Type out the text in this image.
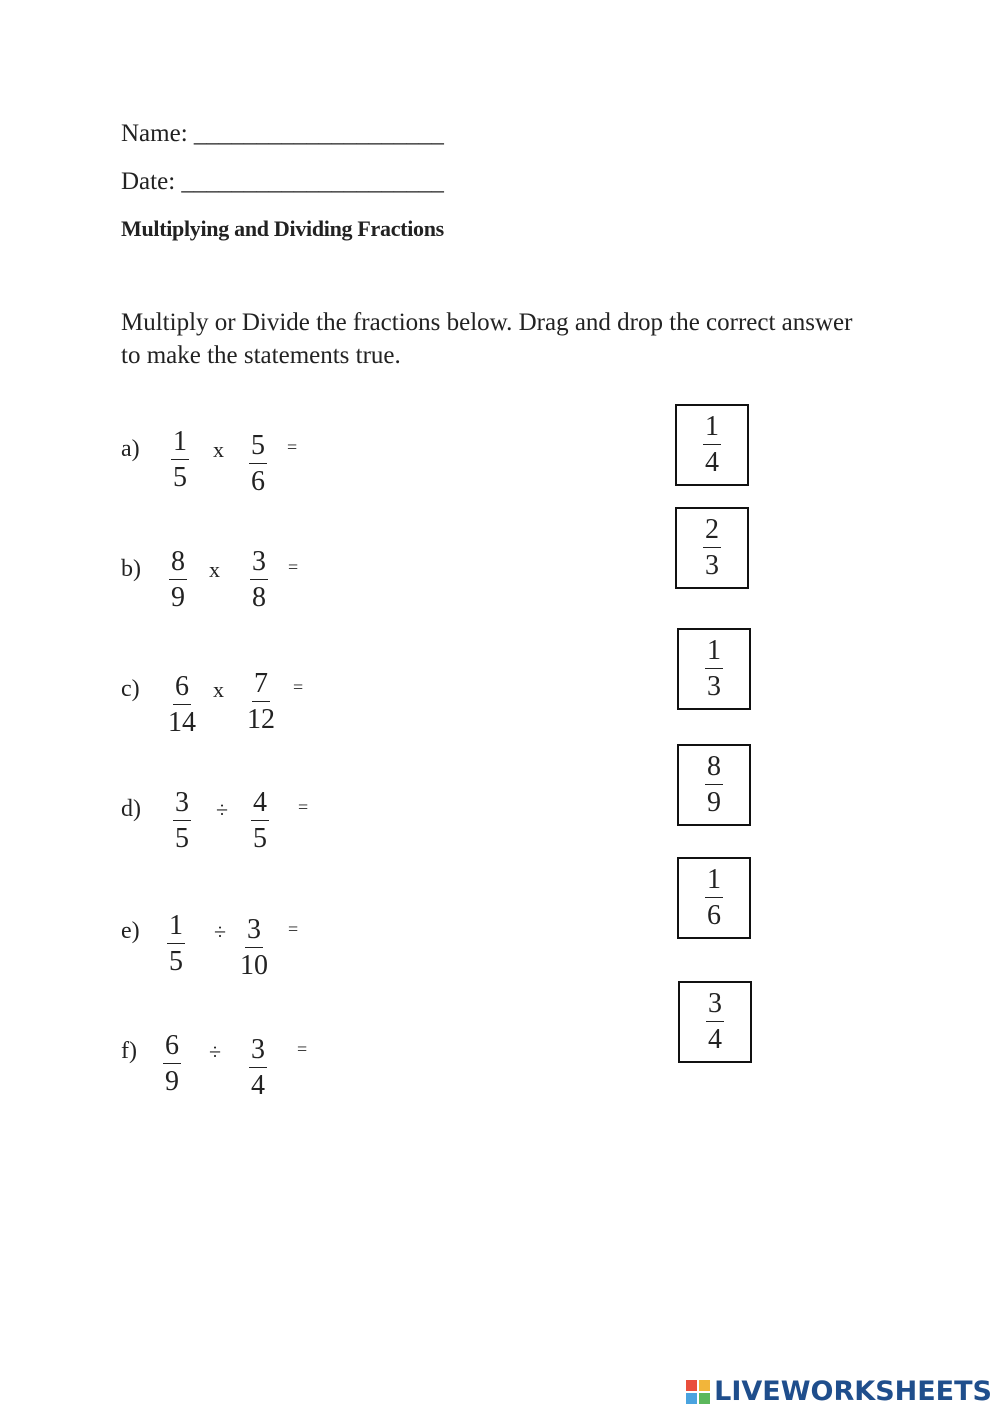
Name: ____________________
Date: _____________________
Multiplying and Dividing Fractions
Multiply or Divide the fractions below. Drag and drop the correct answer to make the statements true.
$a) \frac{1}{5}$ x $\frac{5}{6}$ =
$b) \frac{8}{9}$ x $\frac{3}{8}$ =
$c) \frac{6}{14}$ x $\frac{7}{12}$ =
$d) \frac{3}{5} \div \frac{4}{5}$ =
$e) \frac{1}{5} \div \frac{3}{10}$ =
$f) \frac{6}{9} \div \frac{3}{4}$ =
$\frac{1}{4}$
$\frac{2}{3}$
$\frac{1}{3}$
$\frac{8}{9}$
$\frac{1}{6}$
$\frac{3}{4}$
LIVEWORKSHEETS
